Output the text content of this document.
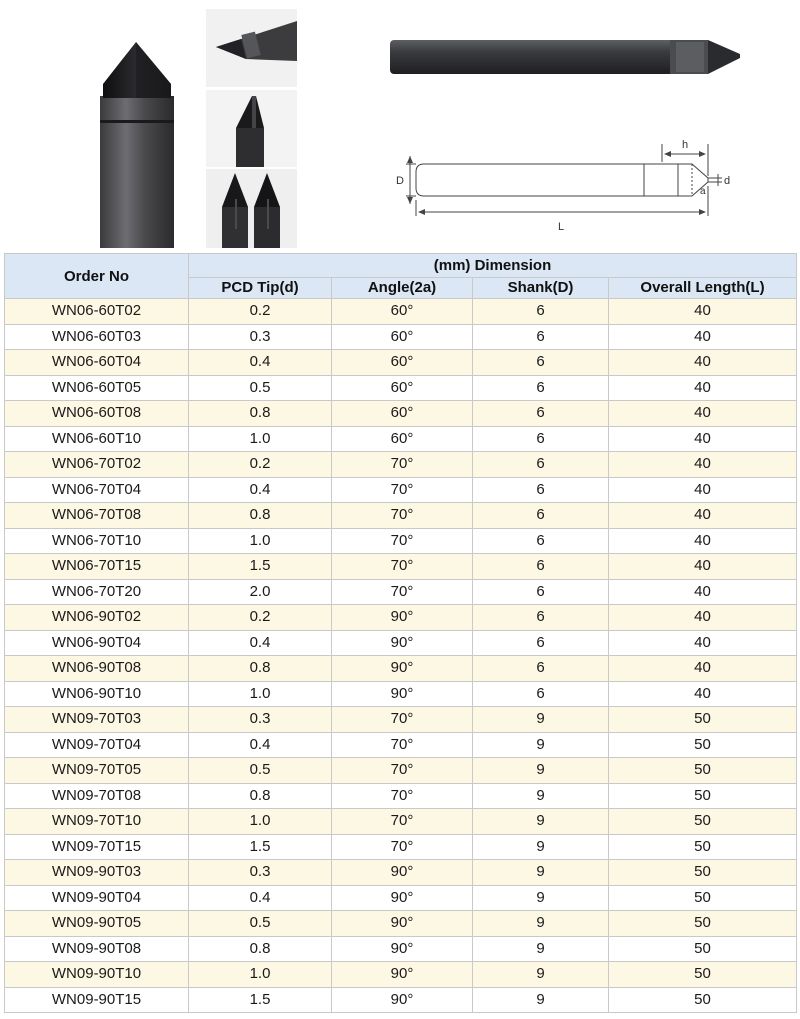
D
h
d
a
L
Order No	(mm) Dimension			
	PCD Tip(d)	Angle(2a)	Shank(D)	Overall Length(L)
WN06-60T02	0.2	60°	6	40
WN06-60T03	0.3	60°	6	40
WN06-60T04	0.4	60°	6	40
WN06-60T05	0.5	60°	6	40
WN06-60T08	0.8	60°	6	40
WN06-60T10	1.0	60°	6	40
WN06-70T02	0.2	70°	6	40
WN06-70T04	0.4	70°	6	40
WN06-70T08	0.8	70°	6	40
WN06-70T10	1.0	70°	6	40
WN06-70T15	1.5	70°	6	40
WN06-70T20	2.0	70°	6	40
WN06-90T02	0.2	90°	6	40
WN06-90T04	0.4	90°	6	40
WN06-90T08	0.8	90°	6	40
WN06-90T10	1.0	90°	6	40
WN09-70T03	0.3	70°	9	50
WN09-70T04	0.4	70°	9	50
WN09-70T05	0.5	70°	9	50
WN09-70T08	0.8	70°	9	50
WN09-70T10	1.0	70°	9	50
WN09-70T15	1.5	70°	9	50
WN09-90T03	0.3	90°	9	50
WN09-90T04	0.4	90°	9	50
WN09-90T05	0.5	90°	9	50
WN09-90T08	0.8	90°	9	50
WN09-90T10	1.0	90°	9	50
WN09-90T15	1.5	90°	9	50
